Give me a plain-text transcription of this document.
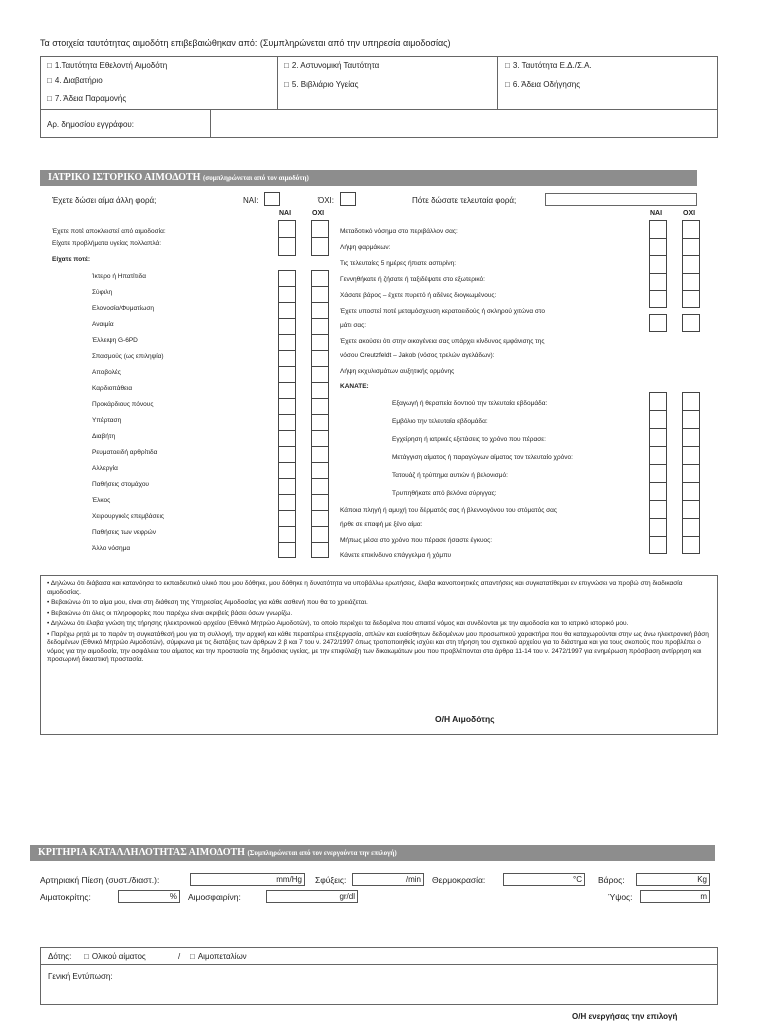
Τα στοιχεία ταυτότητας αιμοδότη επιβεβαιώθηκαν από: (Συμπληρώνεται από την υπηρεσία αιμοδοσίας)
□ 1.Ταυτότητα Εθελοντή Αιμοδότη	□ 2. Αστυνομική Ταυτότητα	□ 3. Ταυτότητα Ε.Δ./Σ.Α.
□ 4. Διαβατήριο	□ 5. Βιβλιάριο Υγείας	□ 6. Άδεια Οδήγησης
□ 7. Άδεια Παραμονής
Αρ. δημοσίου εγγράφου:
ΙΑΤΡΙΚΟ ΙΣΤΟΡΙΚΟ ΑΙΜΟΔΟΤΗ (συμπληρώνεται από τον αιμοδότη)
Έχετε δώσει αίμα άλλη φορά;	ΝΑΙ:	ΌΧΙ:	Πότε δώσατε τελευταία φορά;
ΝΑΙ	ΟΧΙ	ΝΑΙ	ΟΧΙ
Έχετε ποτέ αποκλειστεί από αιμοδοσία:
Είχατε προβλήματα υγείας πολλαπλά:
Είχατε ποτέ:
Ίκτερο ή Ηπατίτιδα
Σύφιλη
Ελονοσία/Φυματίωση
Αναιμία
Έλλειψη G-6PD
Σπασμούς (ως επιληψία)
Αποβολές
Καρδιοπάθεια
Προκάρδιους πόνους
Υπέρταση
Διαβήτη
Ρευματοειδή αρθρίτιδα
Αλλεργία
Παθήσεις στομάχου
Έλκος
Χειρουργικές επεμβάσεις
Παθήσεις των νεφρών
Άλλο νόσημα
Μεταδοτικό νόσημα στο περιβάλλον σας:
Λήψη φαρμάκων:
Τις τελευταίες 5 ημέρες ήπιατε ασπιρίνη:
Γεννηθήκατε ή ζήσατε ή ταξιδέψατε στο εξωτερικό:
Χάσατε βάρος – έχετε πυρετό ή αδένες διογκωμένους:
Έχετε υποστεί ποτέ μεταμόσχευση κερατοειδούς ή σκληρού χιτώνα στο
μάτι σας:
Έχετε ακούσει ότι στην οικογένεια σας υπάρχει κίνδυνος εμφάνισης της
νόσου Creutzfeldt – Jakob (νόσος τρελών αγελάδων):
Λήψη εκχυλισμάτων αυξητικής ορμόνης
ΚΑΝΑΤΕ:
Εξαγωγή ή θεραπεία δοντιού την τελευταία εβδομάδα:
Εμβόλιο την τελευταία εβδομάδα:
Εγχείρηση ή ιατρικές εξετάσεις το χρόνο που πέρασε:
Μετάγγιση αίματος ή παραγώγων αίματος τον τελευταίο χρόνο:
Τατουάζ ή τρύπημα αυτιών ή βελονισμό:
Τρυπηθήκατε από βελόνα σύριγγας:
Κάποια πληγή ή αμυχή του δέρματός σας ή βλεννογόνου του στόματός σας
ήρθε σε επαφή με ξένο αίμα:
Μήπως μέσα στο χρόνο που πέρασε ήσαστε έγκυος:
Κάνετε επικίνδυνο επάγγελμα ή χόμπυ

• Δηλώνω ότι διάβασα και κατανόησα το εκπαιδευτικό υλικό που μου δόθηκε, μου δόθηκε η δυνατότητα να υποβάλλω ερωτήσεις, έλαβα ικανοποιητικές απαντήσεις και συγκατατίθεμαι εν επιγνώσει να προβώ στη διαδικασία αιμοδοσίας.

• Βεβαιώνω ότι το αίμα μου, είναι στη διάθεση της Υπηρεσίας Αιμοδοσίας για κάθε ασθενή που θα το χρειάζεται.

• Βεβαιώνω ότι όλες οι πληροφορίες που παρέχω είναι ακριβείς βάσει όσων γνωρίζω.

• Δηλώνω ότι έλαβα γνώση της τήρησης ηλεκτρονικού αρχείου (Εθνικό Μητρώο Αιμοδοτών), το οποίο περιέχει τα δεδομένα που απαιτεί νόμος και συνδέονται με την αιμοδοσία και το ιατρικό ιστορικό μου.

• Παρέχω ρητά με το παρόν τη συγκατάθεσή μου για τη συλλογή, την αρχική και κάθε περαιτέρω επεξεργασία, απλών και ευαίσθητων δεδομένων μου προσωπικού χαρακτήρα που θα καταχωρούνται στην ως άνω ηλεκτρονική βάση δεδομένων (Εθνικό Μητρώο Αιμοδοτών), σύμφωνα με τις διατάξεις των άρθρων 2 β και 7 του ν. 2472/1997 όπως τροποποιηθείς ισχύει και στη τήρηση του σχετικού αρχείου για το διάστημα και για τους σκοπούς που προβλέπει ο νόμος για την αιμοδοσία, την ασφάλεια του αίματος και την προστασία της δημόσιας υγείας, με την επιφύλαξη των δικαιωμάτων μου που προβλέπονται στα άρθρα 11-14 του ν. 2472/1997 για ενημέρωση πρόσβαση αντίρρηση και προσωρινή δικαστική προστασία.

Ο/Η Αιμοδότης
ΚΡΙΤΗΡΙΑ ΚΑΤΑΛΛΗΛΟΤΗΤΑΣ ΑΙΜΟΔΟΤΗ (Συμπληρώνεται από τον ενεργούντα την επιλογή)
Αρτηριακή Πίεση (συστ./διαστ.):	mm/Hg	Σφύξεις:	/min	Θερμοκρασία:	°C	Βάρος:	Kg
Αιματοκρίτης:	%	Αιμοσφαιρίνη:	gr/dl	Ύψος:	m
Δότης: □ Ολικού αίματος	/ □ Αιμοπεταλίων
Γενική Εντύπωση:
Ο/Η ενεργήσας την επιλογή
